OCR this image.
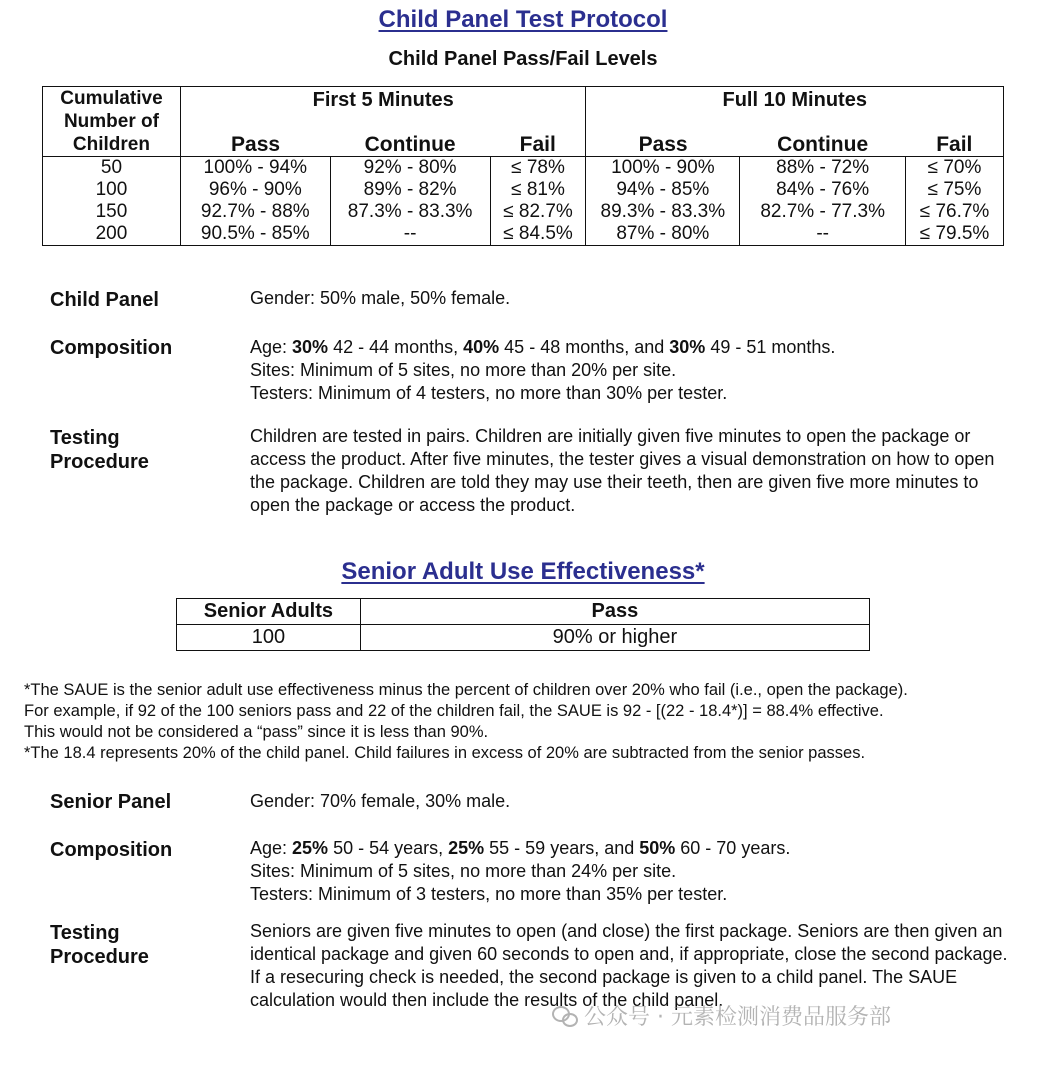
Child Panel Test Protocol
Child Panel Pass/Fail Levels
Cumulative	First 5 Minutes			Full 10 Minutes		
Number of						
Children	Pass	Continue	Fail	Pass	Continue	Fail
50	100% - 94%	92% - 80%	≤ 78%	100% - 90%	88% - 72%	≤ 70%
100	96% - 90%	89% - 82%	≤ 81%	94% - 85%	84% - 76%	≤ 75%
150	92.7% - 88%	87.3% - 83.3%	≤ 82.7%	89.3% - 83.3%	82.7% - 77.3%	≤ 76.7%
200	90.5% - 85%	--	≤ 84.5%	87% - 80%	--	≤ 79.5%
Child Panel	Gender: 50% male, 50% female.
Composition	Age: 30% 42 - 44 months, 40% 45 - 48 months, and 30% 49 - 51 months.
Sites: Minimum of 5 sites, no more than 20% per site.
Testers: Minimum of 4 testers, no more than 30% per tester.
Testing
Procedure
Children are tested in pairs. Children are initially given five minutes to open the package or access the product. After five minutes, the tester gives a visual demonstration on how to open the package. Children are told they may use their teeth, then are given five more minutes to open the package or access the product.
Senior Adult Use Effectiveness*
Senior Adults	Pass
100	90% or higher
*The SAUE is the senior adult use effectiveness minus the percent of children over 20% who fail (i.e., open the package).
For example, if 92 of the 100 seniors pass and 22 of the children fail, the SAUE is 92 - [(22 - 18.4*)] = 88.4% effective.
This would not be considered a “pass” since it is less than 90%.
*The 18.4 represents 20% of the child panel. Child failures in excess of 20% are subtracted from the senior passes.
Senior Panel	Gender: 70% female, 30% male.
Composition	Age: 25% 50 - 54 years, 25% 55 - 59 years, and 50% 60 - 70 years.
Sites: Minimum of 5 sites, no more than 24% per site.
Testers: Minimum of 3 testers, no more than 35% per tester.
Testing
Procedure
Seniors are given five minutes to open (and close) the first package. Seniors are then given an identical package and given 60 seconds to open and, if appropriate, close the second package. If a resecuring check is needed, the second package is given to a child panel. The SAUE calculation would then include the results of the child panel.
公众号 · 元素检测消费品服务部
